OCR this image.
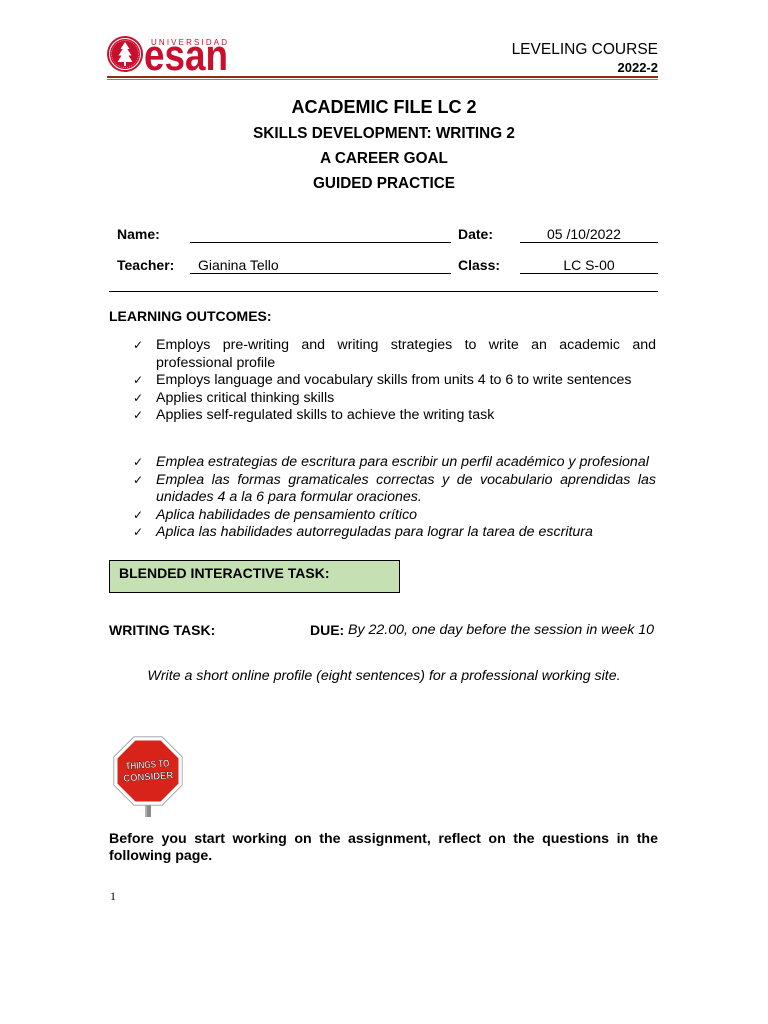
UNIVERSIDAD
esan	LEVELING COURSE
2022-2
ACADEMIC FILE LC 2
SKILLS DEVELOPMENT: WRITING 2
A CAREER GOAL
GUIDED PRACTICE
Name:	Date:	05 /10/2022
Teacher: Gianina Tello	Class:	LC S-00
LEARNING OUTCOMES:
✓
Employs pre-writing and writing strategies to write an academic and professional profile
✓
Employs language and vocabulary skills from units 4 to 6 to write sentences
✓
Applies critical thinking skills
✓
Applies self-regulated skills to achieve the writing task
✓
Emplea estrategias de escritura para escribir un perfil académico y profesional
✓
Emplea las formas gramaticales correctas y de vocabulario aprendidas las unidades 4 a la 6 para formular oraciones.
✓
Aplica habilidades de pensamiento crítico
✓
Aplica las habilidades autorreguladas para lograr la tarea de escritura
BLENDED INTERACTIVE TASK:
WRITING TASK:	DUE: By 22.00, one day before the session in week 10
Write a short online profile (eight sentences) for a professional working site.
THINGS TO
CONSIDER
Before you start working on the assignment, reflect on the questions in the following page.
1
